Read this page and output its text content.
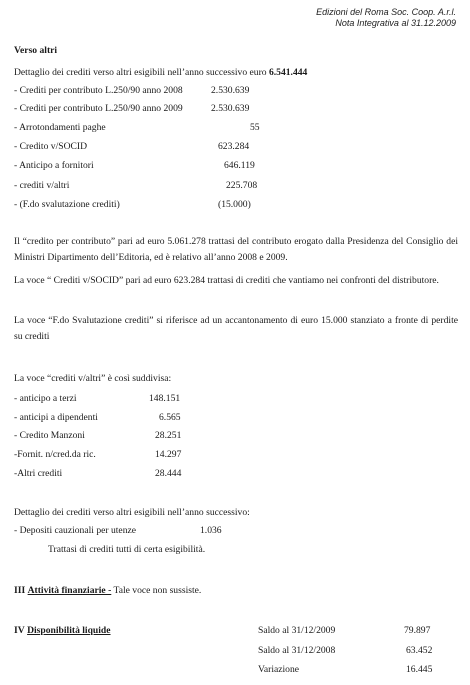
Edizioni del Roma Soc. Coop. A.r.l.
Nota Integrativa al 31.12.2009
Verso altri
Dettaglio dei crediti verso altri esigibili nell’anno successivo euro 6.541.444
- Crediti per contributo L.250/90 anno 2008	2.530.639
- Crediti per contributo L.250/90 anno 2009	2.530.639
- Arrotondamenti paghe	55
- Credito v/SOCID	623.284
- Anticipo a fornitori	646.119
- crediti v/altri	225.708
- (F.do svalutazione crediti)	(15.000)
Il “credito per contributo” pari ad euro 5.061.278 trattasi del contributo erogato dalla Presidenza del Consiglio dei Ministri Dipartimento dell’Editoria, ed è relativo all’anno 2008 e 2009.
La voce “ Crediti v/SOCID” pari ad euro 623.284 trattasi di crediti che vantiamo nei confronti del distributore.
La voce “F.do Svalutazione crediti” si riferisce ad un accantonamento di euro 15.000 stanziato a fronte di perdite su crediti
La voce “crediti v/altri” è così suddivisa:
- anticipo a terzi	148.151
- anticipi a dipendenti	6.565
- Credito Manzoni	28.251
-Fornit. n/cred.da ric.	14.297
-Altri crediti	28.444
Dettaglio dei crediti verso altri esigibili nell’anno successivo:
- Depositi cauzionali per utenze	1.036
Trattasi di crediti tutti di certa esigibilità.
III Attività finanziarie - Tale voce non sussiste.
IV Disponibilità liquide	Saldo al 31/12/2009	79.897
Saldo al 31/12/2008	63.452
Variazione	16.445
